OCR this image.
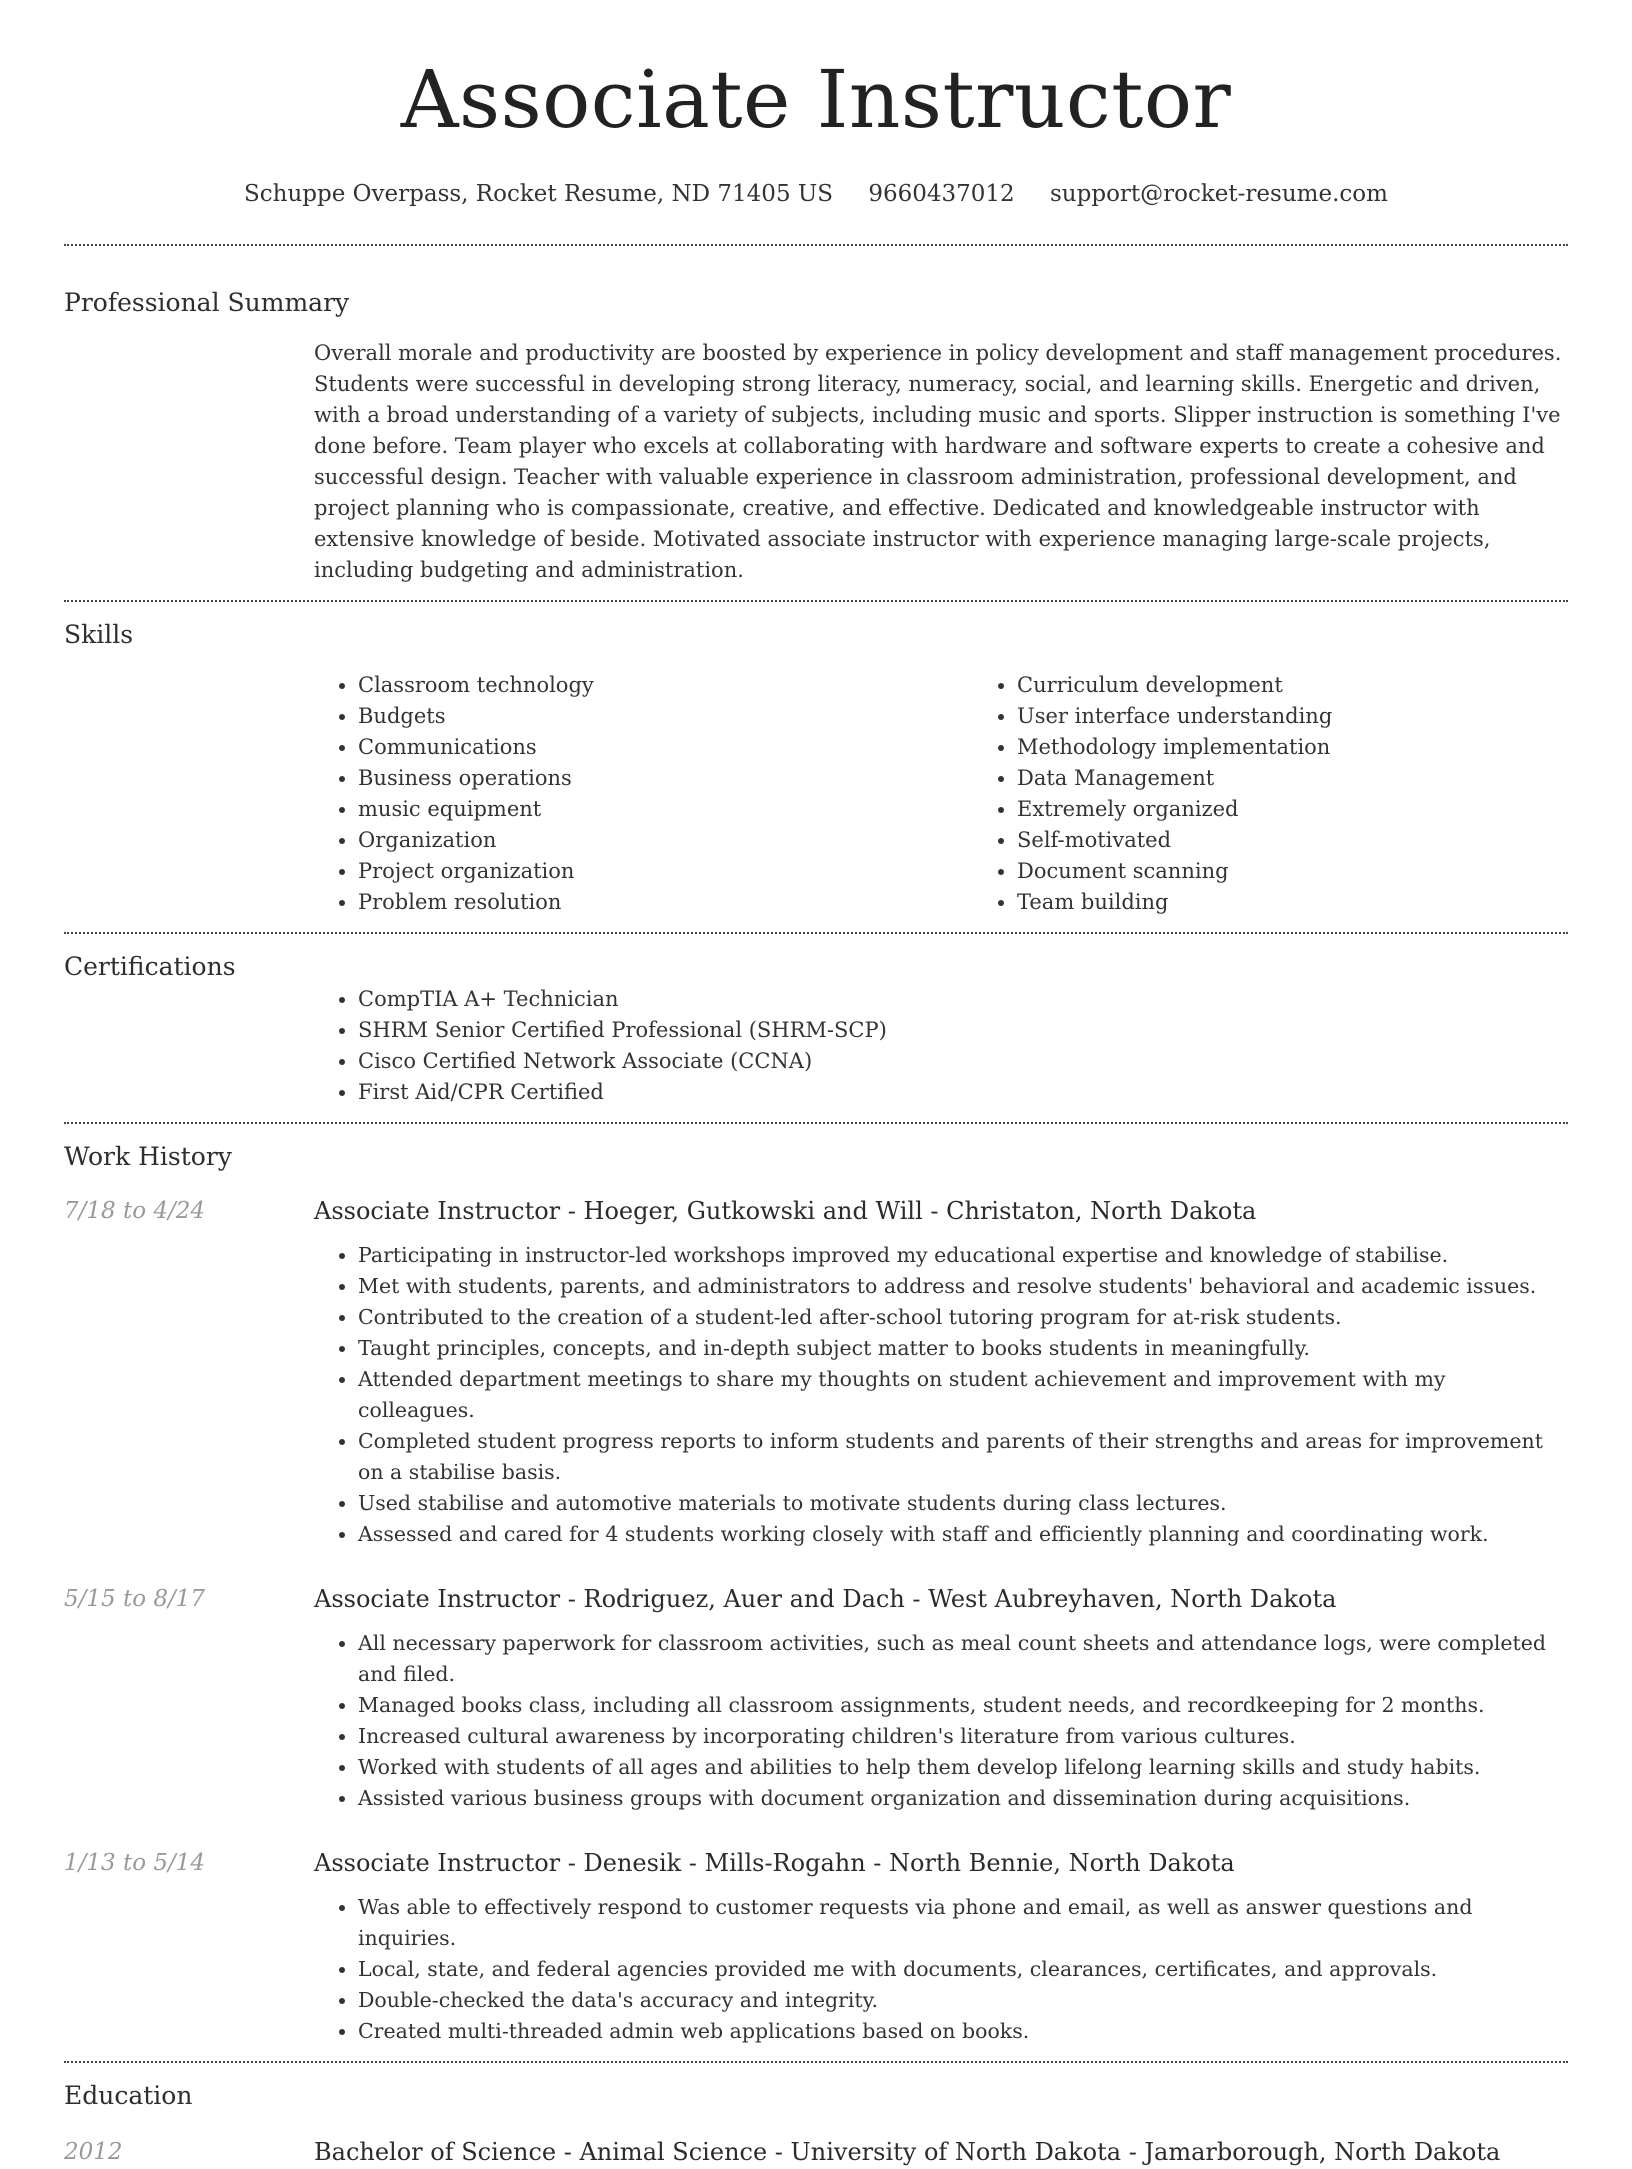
Associate Instructor
Schuppe Overpass, Rocket Resume, ND 71405 US 9660437012 support@rocket-resume.com
Professional Summary

Overall morale and productivity are boosted by experience in policy development and staff management procedures. Students were successful in developing strong literacy, numeracy, social, and learning skills. Energetic and driven, with a broad understanding of a variety of subjects, including music and sports. Slipper instruction is something I've done before. Team player who excels at collaborating with hardware and software experts to create a cohesive and successful design. Teacher with valuable experience in classroom administration, professional development, and project planning who is compassionate, creative, and effective. Dedicated and knowledgeable instructor with extensive knowledge of beside. Motivated associate instructor with experience managing large-scale projects, including budgeting and administration.

Skills
• Classroom technology
• Budgets
• Communications
• Business operations
• music equipment
• Organization
• Project organization
• Problem resolution
• Curriculum development
• User interface understanding
• Methodology implementation
• Data Management
• Extremely organized
• Self-motivated
• Document scanning
• Team building
Certifications
• CompTIA A+ Technician
• SHRM Senior Certified Professional (SHRM-SCP)
• Cisco Certified Network Associate (CCNA)
• First Aid/CPR Certified
Work History
7/18 to 4/24	Associate Instructor - Hoeger, Gutkowski and Will - Christaton, North Dakota
• Participating in instructor-led workshops improved my educational expertise and knowledge of stabilise.
• Met with students, parents, and administrators to address and resolve students' behavioral and academic issues.
• Contributed to the creation of a student-led after-school tutoring program for at-risk students.
• Taught principles, concepts, and in-depth subject matter to books students in meaningfully.
• Attended department meetings to share my thoughts on student achievement and improvement with my colleagues.
• Completed student progress reports to inform students and parents of their strengths and areas for improvement on a stabilise basis.
• Used stabilise and automotive materials to motivate students during class lectures.
• Assessed and cared for 4 students working closely with staff and efficiently planning and coordinating work.
5/15 to 8/17	Associate Instructor - Rodriguez, Auer and Dach - West Aubreyhaven, North Dakota
• All necessary paperwork for classroom activities, such as meal count sheets and attendance logs, were completed and filed.
• Managed books class, including all classroom assignments, student needs, and recordkeeping for 2 months.
• Increased cultural awareness by incorporating children's literature from various cultures.
• Worked with students of all ages and abilities to help them develop lifelong learning skills and study habits.
• Assisted various business groups with document organization and dissemination during acquisitions.
1/13 to 5/14	Associate Instructor - Denesik - Mills-Rogahn - North Bennie, North Dakota
• Was able to effectively respond to customer requests via phone and email, as well as answer questions and inquiries.
• Local, state, and federal agencies provided me with documents, clearances, certificates, and approvals.
• Double-checked the data's accuracy and integrity.
• Created multi-threaded admin web applications based on books.
Education
2012	Bachelor of Science - Animal Science - University of North Dakota - Jamarborough, North Dakota
